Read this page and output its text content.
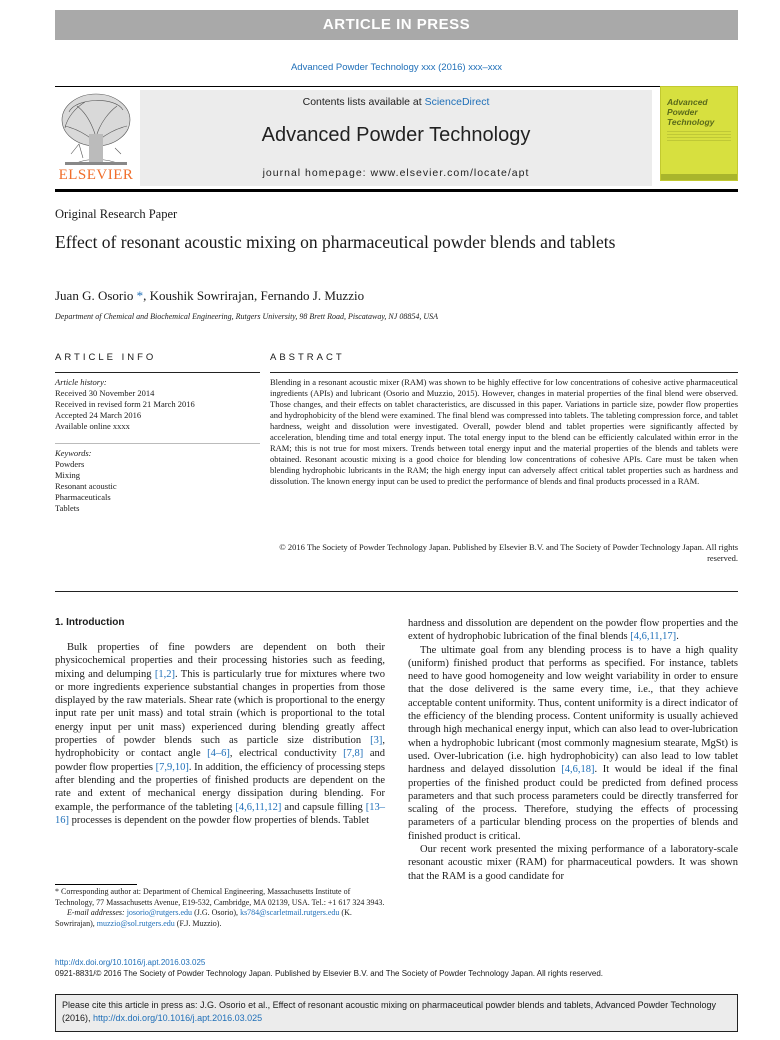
ARTICLE IN PRESS
Advanced Powder Technology xxx (2016) xxx–xxx
ELSEVIER
Contents lists available at ScienceDirect
Advanced Powder Technology
journal homepage: www.elsevier.com/locate/apt
Advanced
Powder
Technology
Original Research Paper
Effect of resonant acoustic mixing on pharmaceutical powder blends and tablets
Juan G. Osorio *, Koushik Sowrirajan, Fernando J. Muzzio
Department of Chemical and Biochemical Engineering, Rutgers University, 98 Brett Road, Piscataway, NJ 08854, USA
ARTICLE INFO	ABSTRACT
Article history:
Received 30 November 2014
Received in revised form 21 March 2016
Accepted 24 March 2016
Available online xxxx
Keywords:
Powders
Mixing
Resonant acoustic
Pharmaceuticals
Tablets
Blending in a resonant acoustic mixer (RAM) was shown to be highly effective for low concentrations of cohesive active pharmaceutical ingredients (APIs) and lubricant (Osorio and Muzzio, 2015). However, changes in material properties of the final blend were observed. Those changes, and their effects on tablet characteristics, are discussed in this paper. Variations in particle size, powder flow properties and hydrophobicity of the blend were examined. The final blend was compressed into tablets. The tableting compression force, and tablet hardness, weight and dissolution were investigated. Overall, powder blend and tablet properties were significantly affected by acceleration, blending time and total energy input. The total energy input to the blend can be efficiently calculated within error in the RAM; this is not true for most mixers. Trends between total energy input and the material properties of the blends and tablets were obtained. Resonant acoustic mixing is a good choice for blending low concentrations of cohesive APIs. Care must be taken when blending hydrophobic lubricants in the RAM; the high energy input can adversely affect critical tablet properties such as hardness and dissolution. The known energy input can be used to predict the performance of blends and final products processed in a RAM.
© 2016 The Society of Powder Technology Japan. Published by Elsevier B.V. and The Society of Powder Technology Japan. All rights reserved.
1. Introduction

Bulk properties of fine powders are dependent on both their physicochemical properties and their processing histories such as feeding, mixing and delumping [1,2]. This is particularly true for mixtures where two or more ingredients experience substantial changes in properties from those displayed by the raw materials. Shear rate (which is proportional to the energy input rate per unit mass) and total strain (which is proportional to the total energy input per unit mass) experienced during blending greatly affect properties of powder blends such as particle size distribution [3], hydrophobicity or contact angle [4–6], electrical conductivity [7,8] and powder flow properties [7,9,10]. In addition, the efficiency of processing steps after blending and the properties of finished products are dependent on the rate and extent of mechanical energy dissipation during blending. For example, the performance of the tableting [4,6,11,12] and capsule filling [13–16] processes is dependent on the powder flow properties of blends. Tablet

hardness and dissolution are dependent on the powder flow properties and the extent of hydrophobic lubrication of the final blends [4,6,11,17].

The ultimate goal from any blending process is to have a high quality (uniform) finished product that performs as specified. For instance, tablets need to have good homogeneity and low weight variability in order to ensure that the dose delivered is the same every time, i.e., that they achieve acceptable content uniformity. Thus, content uniformity is a direct indicator of the efficiency of the blending process. Content uniformity is usually achieved through high mechanical energy input, which can also lead to over-lubrication when a hydrophobic lubricant (most commonly magnesium stearate, MgSt) is used. Over-lubrication (i.e. high hydrophobicity) can also lead to low tablet hardness and delayed dissolution [4,6,18]. It would be ideal if the final properties of the finished product could be predicted from defined process parameters and that such process parameters could be directly transferred for scaling of the process. Therefore, studying the effects of processing parameters of a particular blending process on the properties of blends and finished product is critical.

Our recent work presented the mixing performance of a laboratory-scale resonant acoustic mixer (RAM) for pharmaceutical powders. It was shown that the RAM is a good candidate for

* Corresponding author at: Department of Chemical Engineering, Massachusetts Institute of Technology, 77 Massachusetts Avenue, E19-532, Cambridge, MA 02139, USA. Tel.: +1 617 324 3943.
E-mail addresses: josorio@rutgers.edu (J.G. Osorio), ks784@scarletmail.rutgers.edu (K. Sowrirajan), muzzio@sol.rutgers.edu (F.J. Muzzio).
http://dx.doi.org/10.1016/j.apt.2016.03.025
0921-8831/© 2016 The Society of Powder Technology Japan. Published by Elsevier B.V. and The Society of Powder Technology Japan. All rights reserved.
Please cite this article in press as: J.G. Osorio et al., Effect of resonant acoustic mixing on pharmaceutical powder blends and tablets, Advanced Powder Technology (2016), http://dx.doi.org/10.1016/j.apt.2016.03.025
